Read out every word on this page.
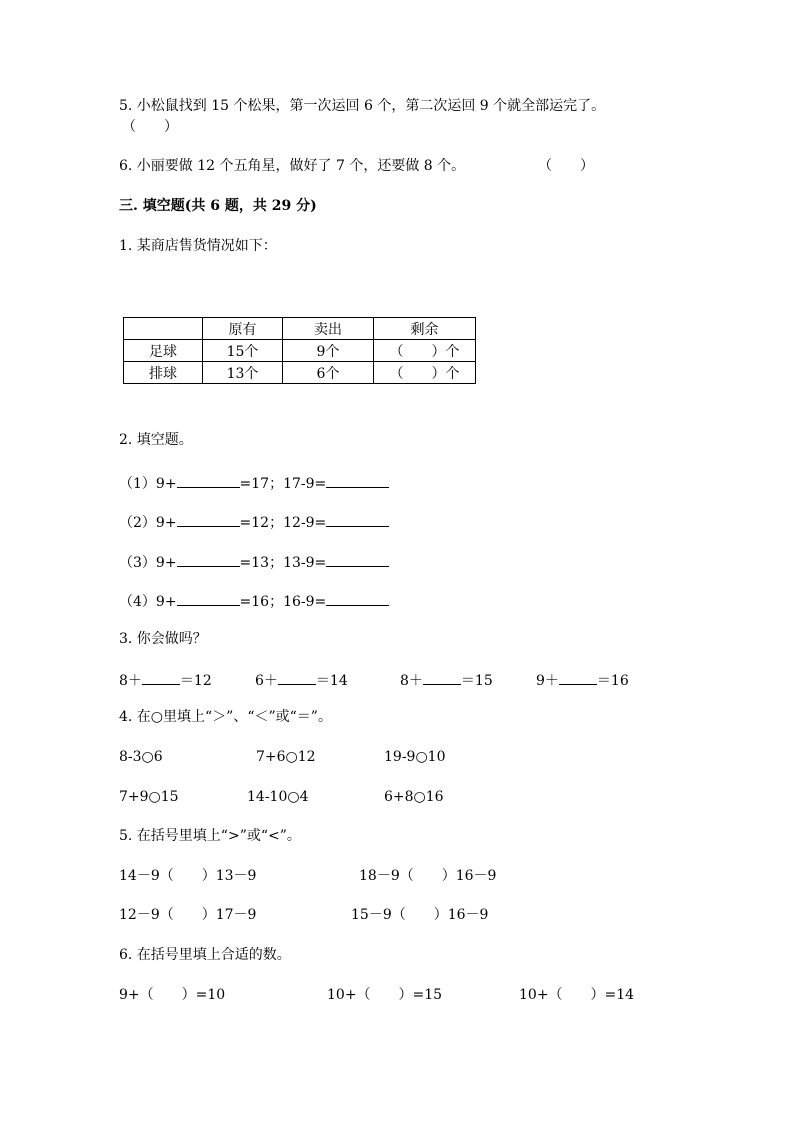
5. 小松鼠找到 15 个松果，第一次运回 6 个，第二次运回 9 个就全部运完了。
（　　）
6. 小丽要做 12 个五角星，做好了 7 个，还要做 8 个。	（　　）
三. 填空题(共 6 题，共 29 分)
1. 某商店售货情况如下：
	原有	卖出	剩余
足球	15个	9个	（　　）个
排球	13个	6个	（　　）个
2. 填空题。
（1）9+	=17；17-9=
（2）9+	=12；12-9=
（3）9+	=13；13-9=
（4）9+	=16；16-9=
3. 你会做吗？
8＋	＝12	6＋	＝14	8＋	＝15	9＋	＝16
4. 在○里填上“＞”、“＜”或“＝”。
8-3○6	7+6○12	19-9○10
7+9○15	14-10○4	6+8○16
5. 在括号里填上“>”或“<”。
14－9（　　）13－9	18－9（　　）16－9
12－9（　　）17－9	15－9（　　）16－9
6. 在括号里填上合适的数。
9+（　　）=10	10+（　　）=15	10+（　　）=14
